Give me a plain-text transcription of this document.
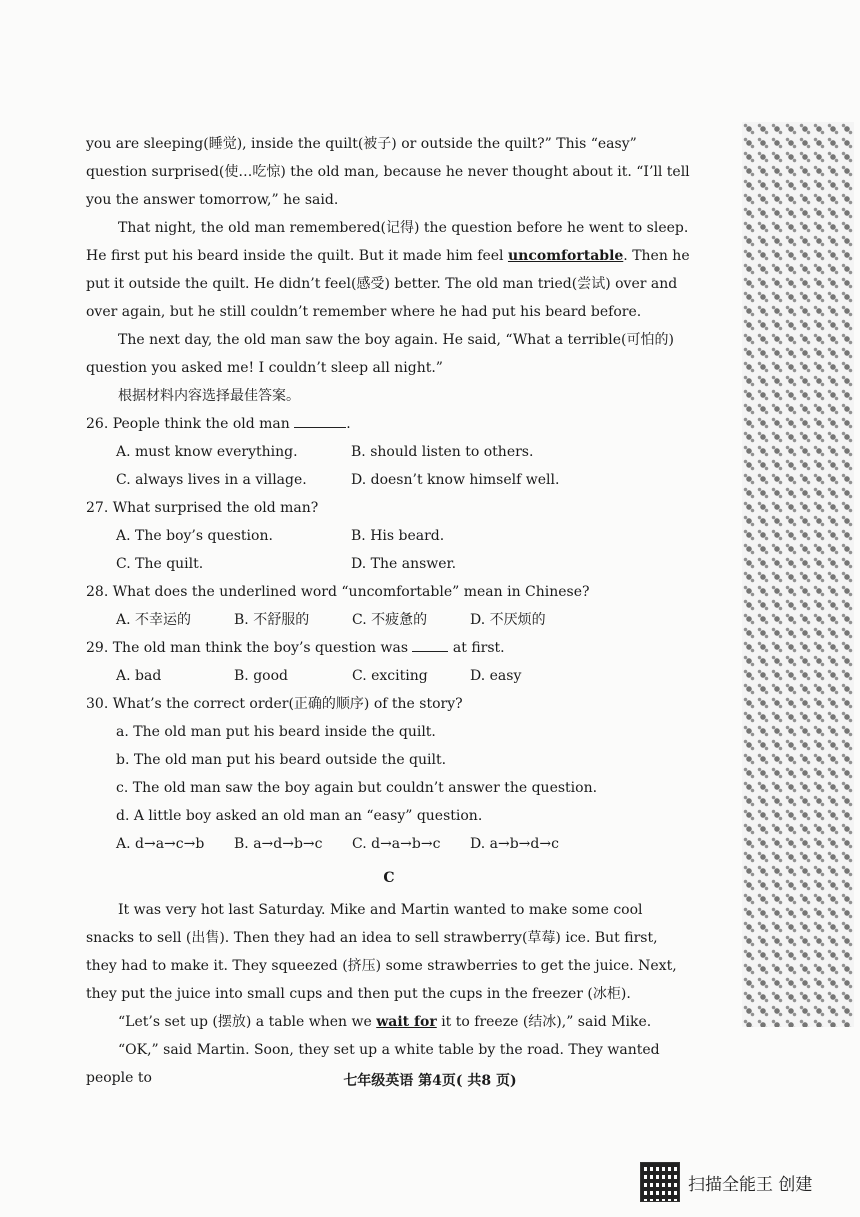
you are sleeping(睡觉), inside the quilt(被子) or outside the quilt?” This “easy” question surprised(使…吃惊) the old man, because he never thought about it. “I’ll tell you the answer tomorrow,” he said.

That night, the old man remembered(记得) the question before he went to sleep. He first put his beard inside the quilt. But it made him feel uncomfortable. Then he put it outside the quilt. He didn’t feel(感受) better. The old man tried(尝试) over and over again, but he still couldn’t remember where he had put his beard before.

The next day, the old man saw the boy again. He said, “What a terrible(可怕的) question you asked me! I couldn’t sleep all night.”

根据材料内容选择最佳答案。

26. People think the old man	.

A. must know everything.	B. should listen to others.
C. always lives in a village.	D. doesn’t know himself well.

27. What surprised the old man?

A. The boy’s question.	B. His beard.
C. The quilt.	D. The answer.

28. What does the underlined word “uncomfortable” mean in Chinese?

A. 不幸运的	B. 不舒服的	C. 不疲惫的	D. 不厌烦的

29. The old man think the boy’s question was	at first.

A. bad	B. good	C. exciting	D. easy

30. What’s the correct order(正确的顺序) of the story?

a. The old man put his beard inside the quilt.

b. The old man put his beard outside the quilt.

c. The old man saw the boy again but couldn’t answer the question.

d. A little boy asked an old man an “easy” question.

A. d→a→c→b	B. a→d→b→c	C. d→a→b→c	D. a→b→d→c
C

It was very hot last Saturday. Mike and Martin wanted to make some cool snacks to sell (出售). Then they had an idea to sell strawberry(草莓) ice. But first, they had to make it. They squeezed (挤压) some strawberries to get the juice. Next, they put the juice into small cups and then put the cups in the freezer (冰柜).

“Let’s set up (摆放) a table when we wait for it to freeze (结冰),” said Mike.

“OK,” said Martin. Soon, they set up a white table by the road. They wanted people to	七年级英语 第4页( 共8 页)
扫描全能王 创建
